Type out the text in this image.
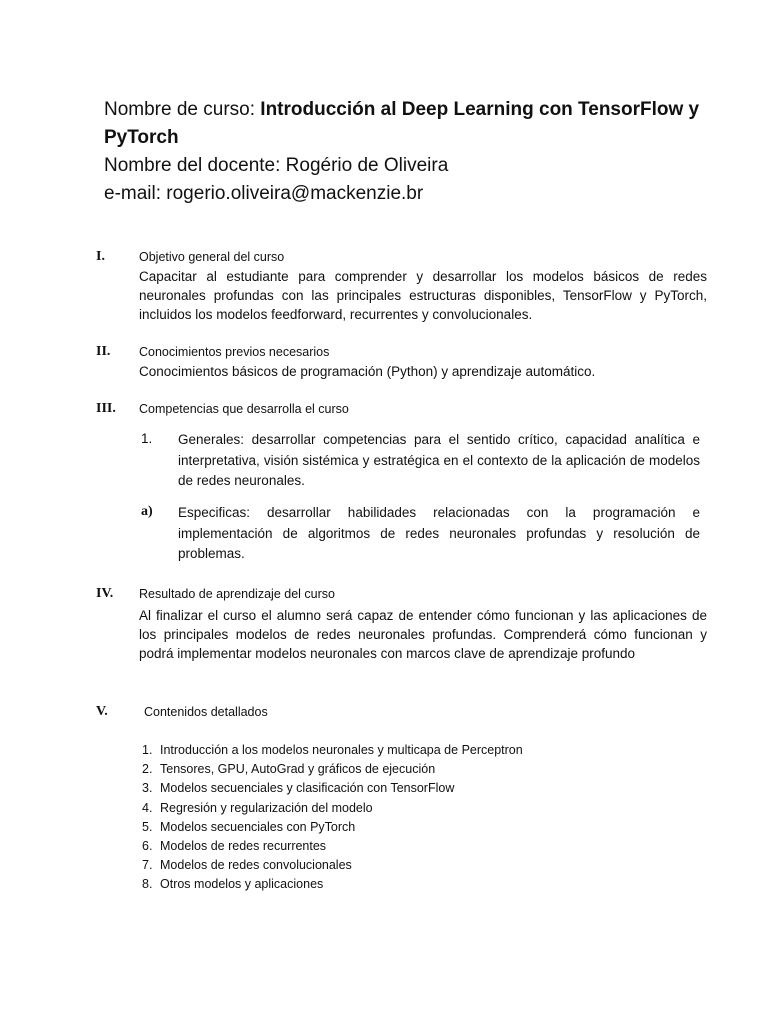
Nombre de curso: Introducción al Deep Learning con TensorFlow y
PyTorch
Nombre del docente: Rogério de Oliveira
e-mail: rogerio.oliveira@mackenzie.br
I.	Objetivo general del curso
Capacitar al estudiante para comprender y desarrollar los modelos básicos de redes neuronales profundas con las principales estructuras disponibles, TensorFlow y PyTorch, incluidos los modelos feedforward, recurrentes y convolucionales.
II. Conocimientos previos necesarios
Conocimientos básicos de programación (Python) y aprendizaje automático.
III. Competencias que desarrolla el curso
1. Generales: desarrollar competencias para el sentido crítico, capacidad analítica e interpretativa, visión sistémica y estratégica en el contexto de la aplicación de modelos de redes neuronales.
a) Especificas: desarrollar habilidades relacionadas con la programación e implementación de algoritmos de redes neuronales profundas y resolución de problemas.
IV. Resultado de aprendizaje del curso
Al finalizar el curso el alumno será capaz de entender cómo funcionan y las aplicaciones de los principales modelos de redes neuronales profundas. Comprenderá cómo funcionan y podrá implementar modelos neuronales con marcos clave de aprendizaje profundo
V.	Contenidos detallados
1. Introducción a los modelos neuronales y multicapa de Perceptron
2. Tensores, GPU, AutoGrad y gráficos de ejecución
3. Modelos secuenciales y clasificación con TensorFlow
4. Regresión y regularización del modelo
5. Modelos secuenciales con PyTorch
6. Modelos de redes recurrentes
7. Modelos de redes convolucionales
8. Otros modelos y aplicaciones
